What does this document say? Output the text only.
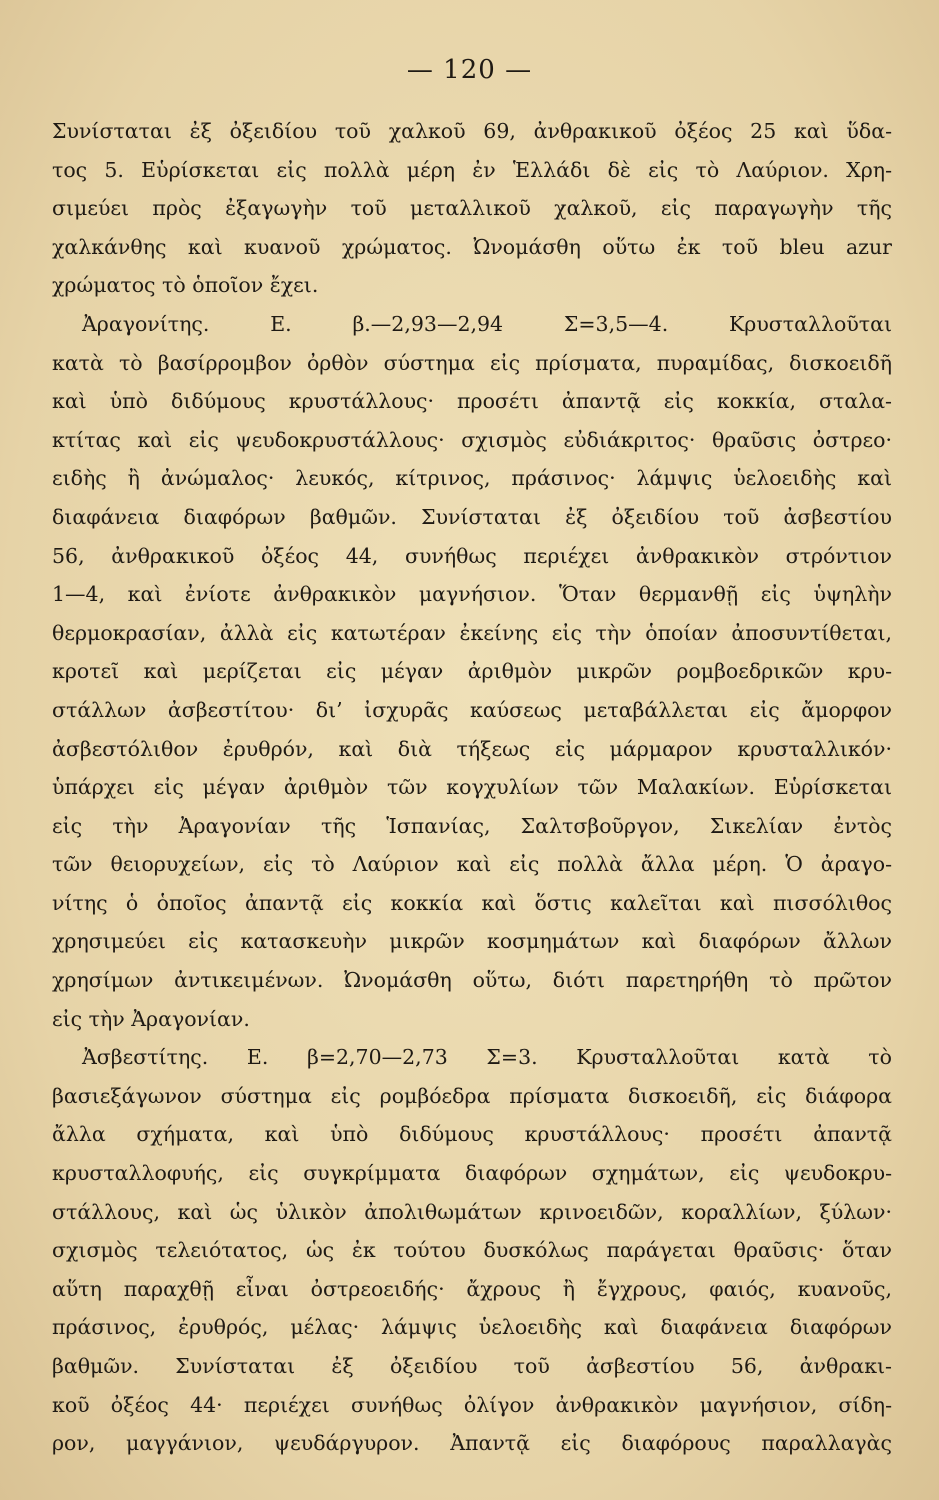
— 120 —
Συνίσταται ἐξ ὀξειδίου τοῦ χαλκοῦ 69, ἀνθρακικοῦ ὀξέος 25 καὶ ὕδα-
τος 5. Εὑρίσκεται εἰς πολλὰ μέρη ἐν Ἑλλάδι δὲ εἰς τὸ Λαύριον. Χρη-
σιμεύει πρὸς ἐξαγωγὴν τοῦ μεταλλικοῦ χαλκοῦ, εἰς παραγωγὴν τῆς
χαλκάνθης καὶ κυανοῦ χρώματος. Ὠνομάσθη οὕτω ἐκ τοῦ bleu azur
χρώματος τὸ ὁποῖον ἔχει.
Ἀραγονίτης. Ε. β.—2,93—2,94 Σ=3,5—4. Κρυσταλλοῦται
κατὰ τὸ βασίρρομβον ὀρθὸν σύστημα εἰς πρίσματα, πυραμίδας, δισκοειδῆ
καὶ ὑπὸ διδύμους κρυστάλλους· προσέτι ἀπαντᾷ εἰς κοκκία, σταλα-
κτίτας καὶ εἰς ψευδοκρυστάλλους· σχισμὸς εὐδιάκριτος· θραῦσις ὀστρεο·
ειδὴς ἢ ἀνώμαλος· λευκός, κίτρινος, πράσινος· λάμψις ὑελοειδὴς καὶ
διαφάνεια διαφόρων βαθμῶν. Συνίσταται ἐξ ὀξειδίου τοῦ ἀσβεστίου
56, ἀνθρακικοῦ ὀξέος 44, συνήθως περιέχει ἀνθρακικὸν στρόντιον
1—4, καὶ ἐνίοτε ἀνθρακικὸν μαγνήσιον. Ὅταν θερμανθῇ εἰς ὑψηλὴν
θερμοκρασίαν, ἀλλὰ εἰς κατωτέραν ἐκείνης εἰς τὴν ὁποίαν ἀποσυντίθεται,
κροτεῖ καὶ μερίζεται εἰς μέγαν ἀριθμὸν μικρῶν ρομβοεδρικῶν κρυ-
στάλλων ἀσβεστίτου· δι’ ἰσχυρᾶς καύσεως μεταβάλλεται εἰς ἄμορφον
ἀσβεστόλιθον ἐρυθρόν, καὶ διὰ τήξεως εἰς μάρμαρον κρυσταλλικόν·
ὑπάρχει εἰς μέγαν ἀριθμὸν τῶν κογχυλίων τῶν Μαλακίων. Εὑρίσκεται
εἰς τὴν Ἀραγονίαν τῆς Ἱσπανίας, Σαλτσβοῦργον, Σικελίαν ἐντὸς
τῶν θειορυχείων, εἰς τὸ Λαύριον καὶ εἰς πολλὰ ἄλλα μέρη. Ὁ ἀραγο-
νίτης ὁ ὁποῖος ἀπαντᾷ εἰς κοκκία καὶ ὅστις καλεῖται καὶ πισσόλιθος
χρησιμεύει εἰς κατασκευὴν μικρῶν κοσμημάτων καὶ διαφόρων ἄλλων
χρησίμων ἀντικειμένων. Ὠνομάσθη οὕτω, διότι παρετηρήθη τὸ πρῶτον
εἰς τὴν Ἀραγονίαν.
Ἀσβεστίτης. Ε. β=2,70—2,73 Σ=3. Κρυσταλλοῦται κατὰ τὸ
βασιεξάγωνον σύστημα εἰς ρομβόεδρα πρίσματα δισκοειδῆ, εἰς διάφορα
ἄλλα σχήματα, καὶ ὑπὸ διδύμους κρυστάλλους· προσέτι ἀπαντᾷ
κρυσταλλοφυής, εἰς συγκρίμματα διαφόρων σχημάτων, εἰς ψευδοκρυ-
στάλλους, καὶ ὡς ὑλικὸν ἀπολιθωμάτων κρινοειδῶν, κοραλλίων, ξύλων·
σχισμὸς τελειότατος, ὡς ἐκ τούτου δυσκόλως παράγεται θραῦσις· ὅταν
αὕτη παραχθῇ εἶναι ὀστρεοειδής· ἄχρους ἢ ἔγχρους, φαιός, κυανοῦς,
πράσινος, ἐρυθρός, μέλας· λάμψις ὑελοειδὴς καὶ διαφάνεια διαφόρων
βαθμῶν. Συνίσταται ἐξ ὀξειδίου τοῦ ἀσβεστίου 56, ἀνθρακι-
κοῦ ὀξέος 44· περιέχει συνήθως ὀλίγον ἀνθρακικὸν μαγνήσιον, σίδη-
ρον, μαγγάνιον, ψευδάργυρον. Ἀπαντᾷ εἰς διαφόρους παραλλαγὰς
